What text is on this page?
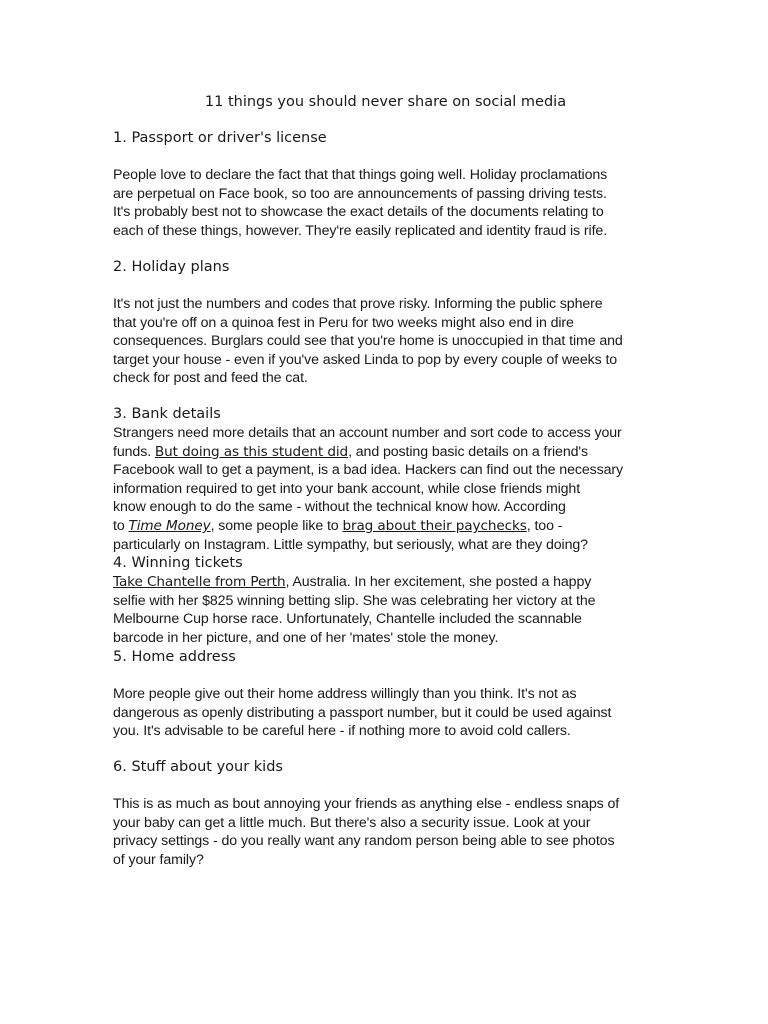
11 things you should never share on social media
1. Passport or driver's license

People love to declare the fact that that things going well. Holiday proclamations
are perpetual on Face book, so too are announcements of passing driving tests.
It's probably best not to showcase the exact details of the documents relating to
each of these things, however. They're easily replicated and identity fraud is rife.

2. Holiday plans

It's not just the numbers and codes that prove risky. Informing the public sphere
that you're off on a quinoa fest in Peru for two weeks might also end in dire
consequences. Burglars could see that you're home is unoccupied in that time and
target your house - even if you've asked Linda to pop by every couple of weeks to
check for post and feed the cat.

3. Bank details

Strangers need more details that an account number and sort code to access your
funds. But doing as this student did, and posting basic details on a friend's
Facebook wall to get a payment, is a bad idea. Hackers can find out the necessary
information required to get into your bank account, while close friends might
know enough to do the same - without the technical know how. According
to Time Money, some people like to brag about their paychecks, too -
particularly on Instagram. Little sympathy, but seriously, what are they doing?

4. Winning tickets

Take Chantelle from Perth, Australia. In her excitement, she posted a happy
selfie with her $825 winning betting slip. She was celebrating her victory at the
Melbourne Cup horse race. Unfortunately, Chantelle included the scannable
barcode in her picture, and one of her 'mates' stole the money.

5. Home address

More people give out their home address willingly than you think. It's not as
dangerous as openly distributing a passport number, but it could be used against
you. It's advisable to be careful here - if nothing more to avoid cold callers.

6. Stuff about your kids

This is as much as bout annoying your friends as anything else - endless snaps of
your baby can get a little much. But there's also a security issue. Look at your
privacy settings - do you really want any random person being able to see photos
of your family?
